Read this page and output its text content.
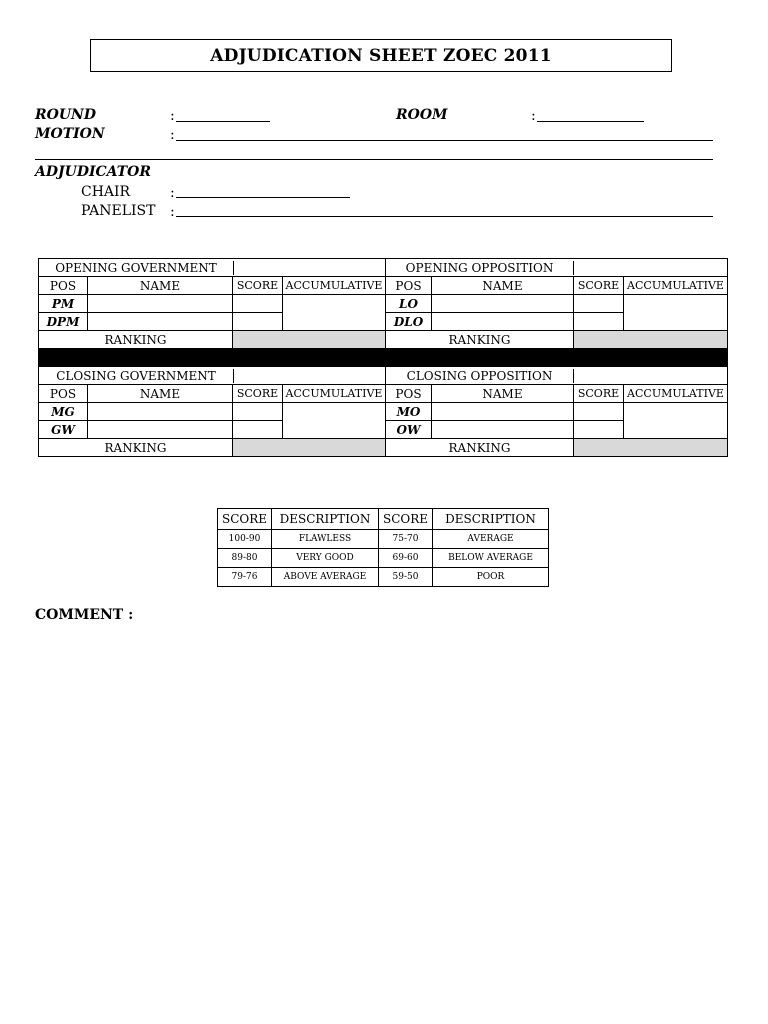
ADJUDICATION SHEET ZOEC 2011
ROUND	:	ROOM	:
MOTION	:
ADJUDICATOR
CHAIR	:
PANELIST :
OPENING GOVERNMENT				OPENING OPPOSITION			

POS	NAME	SCORE	ACCUMULATIVE	POS	NAME	SCORE	ACCUMULATIVE
PM				LO			
DPM				DLO			
RANKING				RANKING			

CLOSING GOVERNMENT				CLOSING OPPOSITION			

POS	NAME	SCORE	ACCUMULATIVE	POS	NAME	SCORE	ACCUMULATIVE
MG				MO			
GW				OW			
RANKING				RANKING			
SCORE	DESCRIPTION	SCORE	DESCRIPTION
100-90	FLAWLESS	75-70	AVERAGE
89-80	VERY GOOD	69-60	BELOW AVERAGE
79-76	ABOVE AVERAGE	59-50	POOR
COMMENT :
